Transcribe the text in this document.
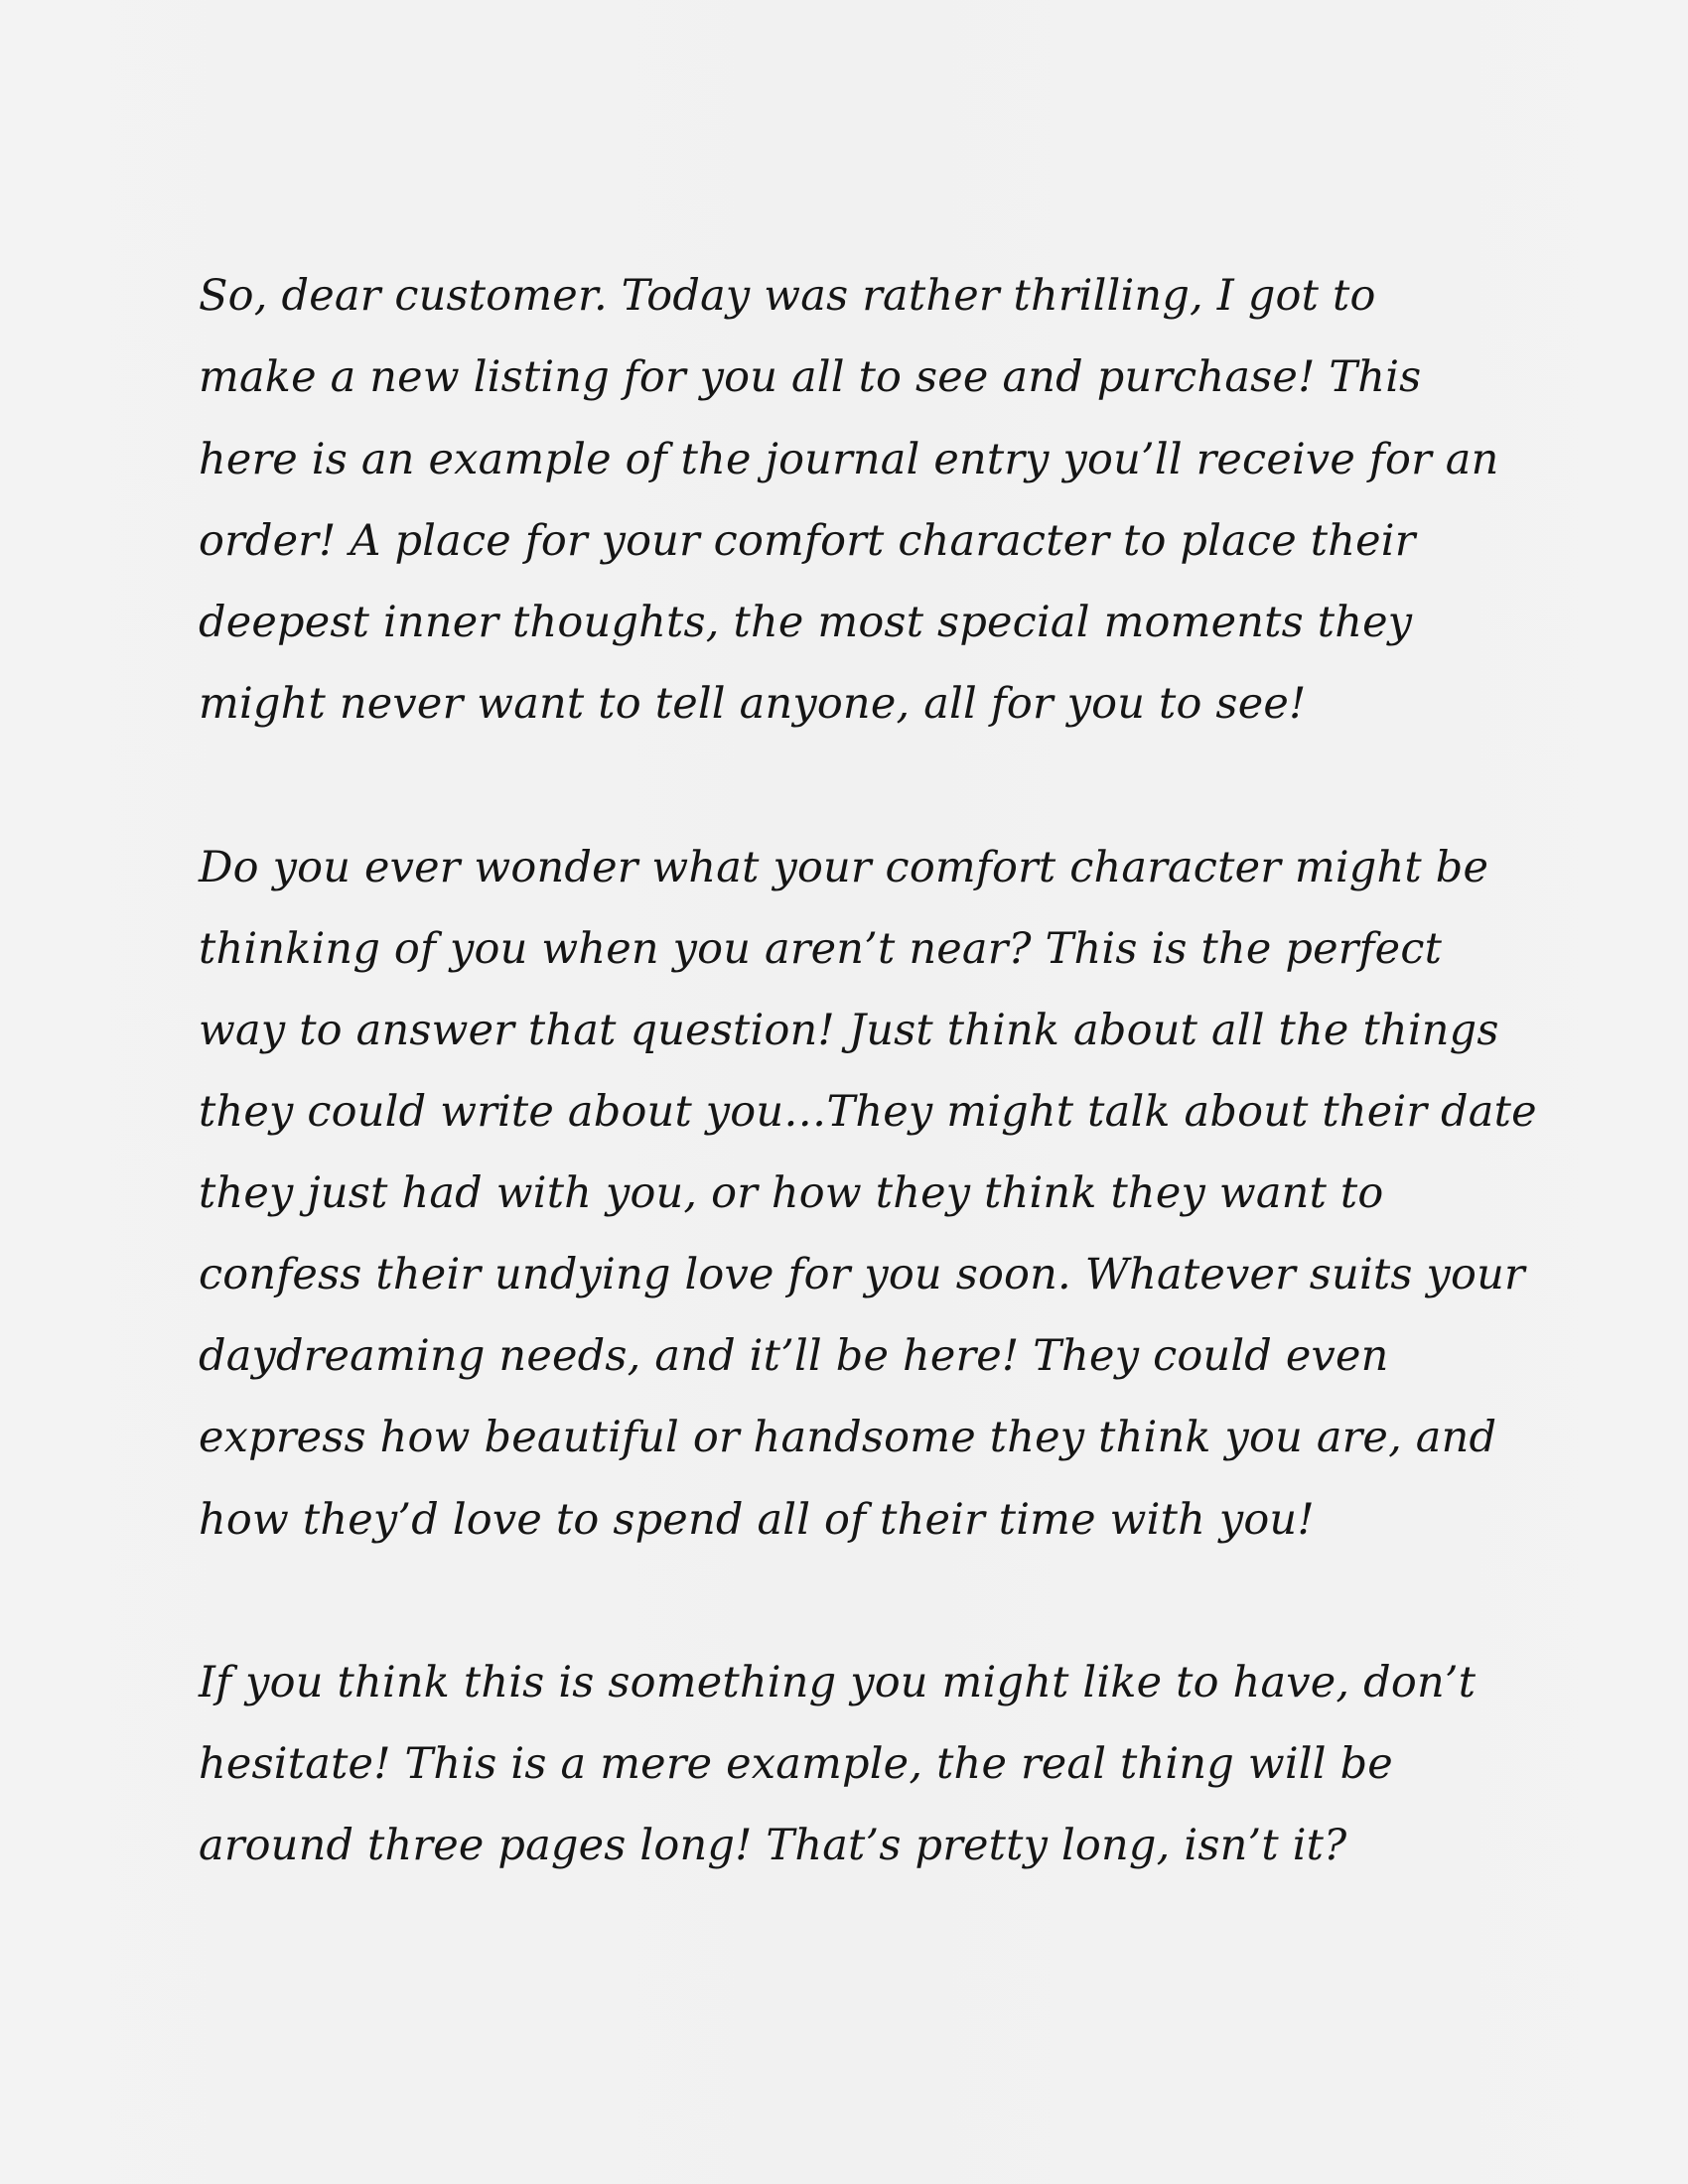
So, dear customer. Today was rather thrilling, I got to
make a new listing for you all to see and purchase! This
here is an example of the journal entry you’ll receive for an
order! A place for your comfort character to place their
deepest inner thoughts, the most special moments they
might never want to tell anyone, all for you to see!
Do you ever wonder what your comfort character might be
thinking of you when you aren’t near? This is the perfect
way to answer that question! Just think about all the things
they could write about you…They might talk about their date
they just had with you, or how they think they want to
confess their undying love for you soon. Whatever suits your
daydreaming needs, and it’ll be here! They could even
express how beautiful or handsome they think you are, and
how they’d love to spend all of their time with you!
If you think this is something you might like to have, don’t
hesitate! This is a mere example, the real thing will be
around three pages long! That’s pretty long, isn’t it?
